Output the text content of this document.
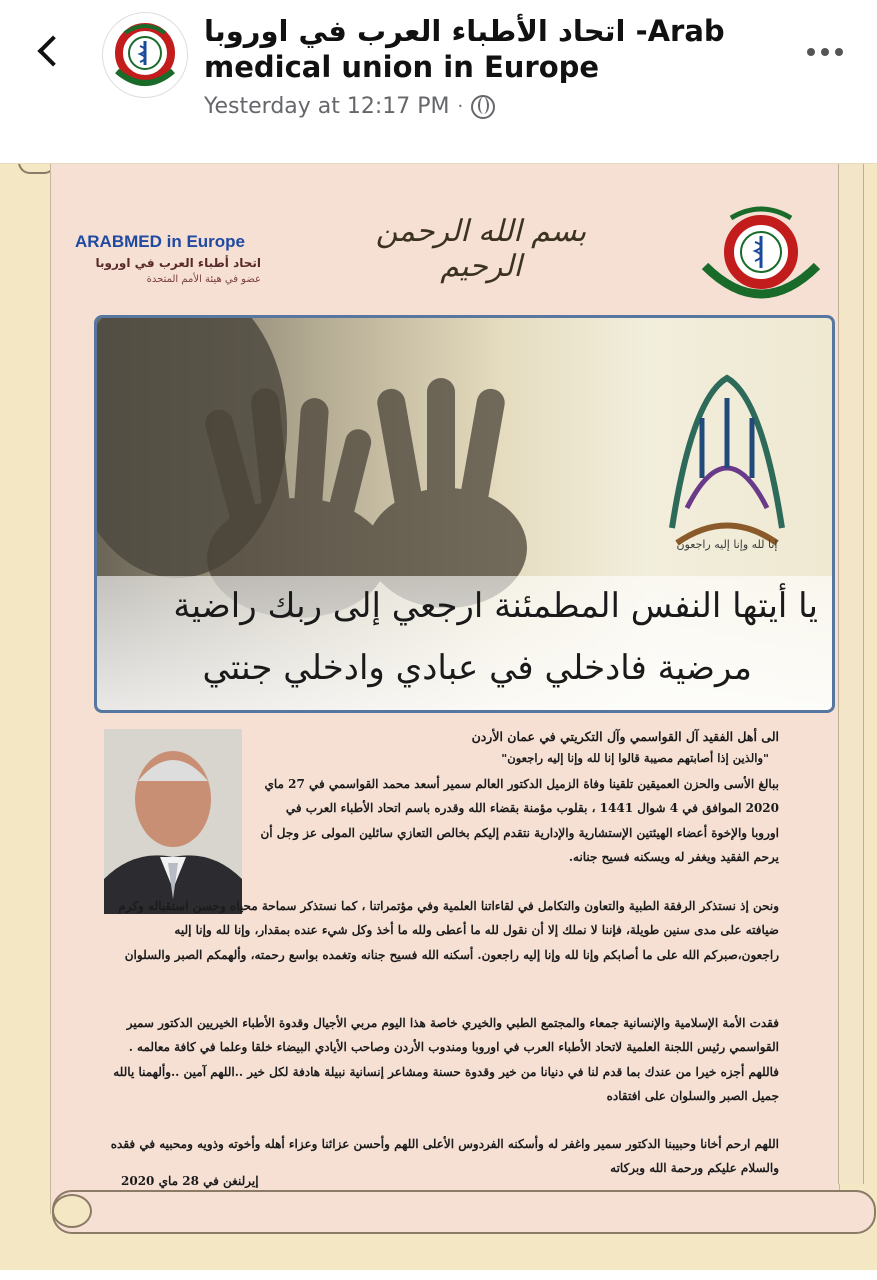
اتحاد الأطباء العرب في اوروبا -Arab
medical union in Europe
Yesterday at 12:17 PM ·
ARABMED in Europe
اتحاد أطباء العرب في اوروبا
عضو في هيئة الأمم المتحدة
بسم الله الرحمن الرحيم
إنا لله وإنا إليه راجعون
يا أيتها النفس المطمئنة ارجعي إلى ربك راضية
مرضية فادخلي في عبادي وادخلي جنتي
الى أهل الفقيد آل القواسمي وآل التكريتي في عمان الأردن
"والذين إذا أصابتهم مصيبة قالوا إنا لله وإنا إليه راجعون"
ببالغ الأسى والحزن العميقين تلقينا وفاة الزميل الدكتور العالم سمير أسعد محمد القواسمي في 27 ماي 2020 الموافق في 4 شوال 1441 ، بقلوب مؤمنة بقضاء الله وقدره باسم اتحاد الأطباء العرب في اوروبا والإخوة أعضاء الهيئتين الإستشارية والإدارية نتقدم إليكم بخالص التعازي سائلين المولى عز وجل أن يرحم الفقيد ويغفر له ويسكنه فسيح جنانه.
ونحن إذ نستذكر الرفقة الطبية والتعاون والتكامل في لقاءاتنا العلمية وفي مؤتمراتنا ، كما نستذكر سماحة محياه وحسن استقباله وكرم ضيافته على مدى سنين طويلة، فإننا لا نملك إلا أن نقول لله ما أعطى ولله ما أخذ وكل شيء عنده بمقدار، وإنا لله وإنا إليه راجعون،صبركم الله على ما أصابكم وإنا لله وإنا إليه راجعون. أسكنه الله فسيح جنانه وتغمده بواسع رحمته، وألهمكم الصبر والسلوان
فقدت الأمة الإسلامية والإنسانية جمعاء والمجتمع الطبي والخيري خاصة هذا اليوم مربي الأجيال وقدوة الأطباء الخيريين الدكتور سمير القواسمي رئيس اللجنة العلمية لاتحاد الأطباء العرب في اوروبا ومندوب الأردن وصاحب الأيادي البيضاء خلقا وعلما في كافة معالمه . فاللهم أجزه خيرا من عندك بما قدم لنا في دنيانا من خير وقدوة حسنة ومشاعر إنسانية نبيلة هادفة لكل خير ..اللهم آمين ..وألهمنا يالله جميل الصبر والسلوان على افتقاده
اللهم ارحم أخانا وحبيبنا الدكتور سمير واغفر له وأسكنه الفردوس الأعلى اللهم وأحسن عزائنا وعزاء أهله وأخوته وذويه ومحبيه في فقده والسلام عليكم ورحمة الله وبركاته
إيرلنغن في 28 ماي 2020
